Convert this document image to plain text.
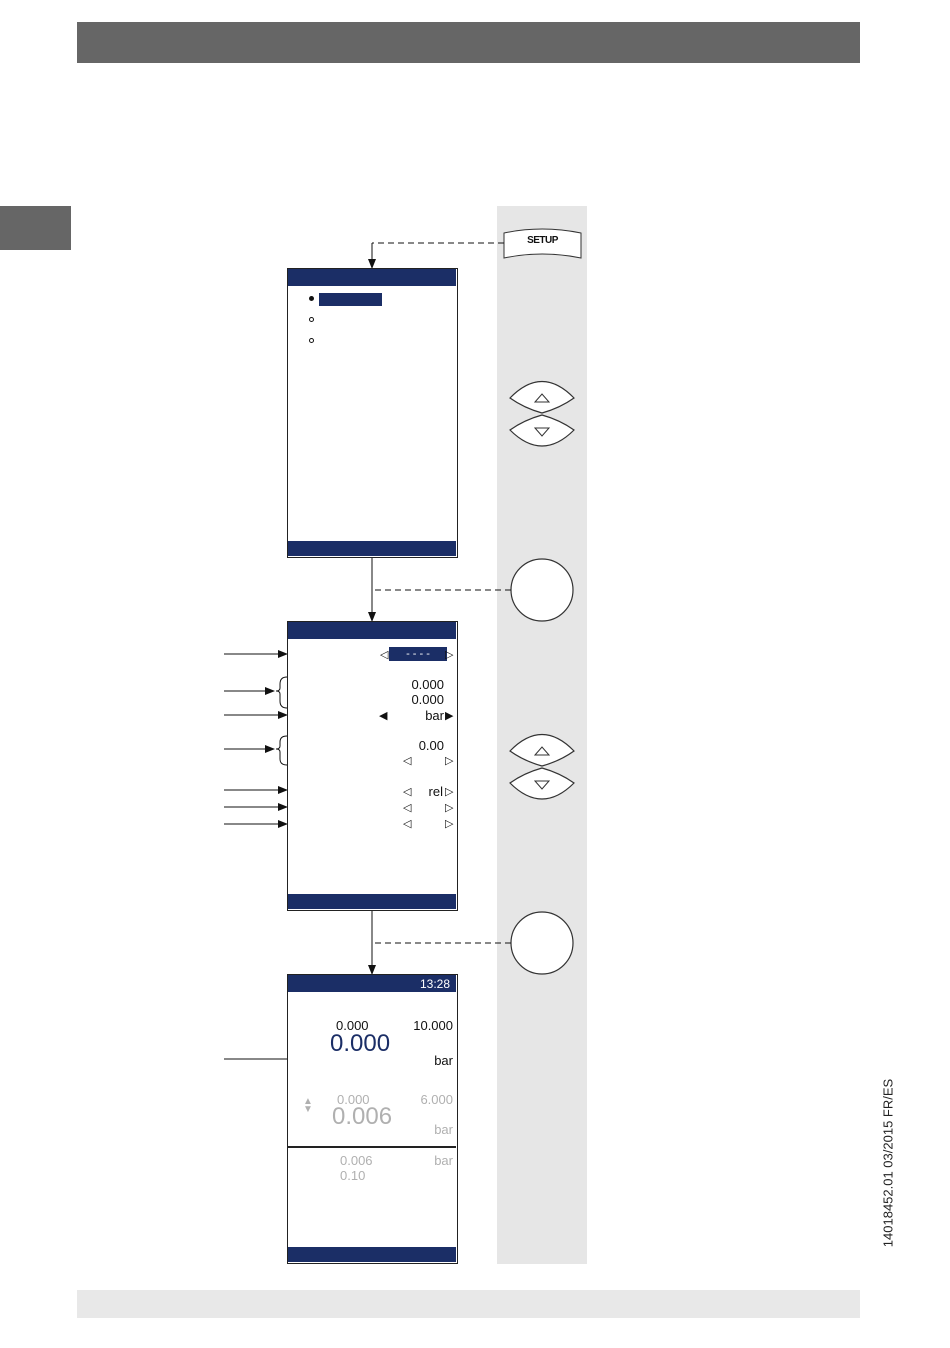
SETUP
◁	- - - -	▷
0.000
0.000
◀	bar ▶
0.00
◁	▷
◁	rel ▷
◁	▷
◁	▷
13:28
0.000	10.000
0.000
bar
▲
▼
0.000	6.000
0.006	bar
0.006	bar
0.10	14018452.01 03/2015 FR/ES
